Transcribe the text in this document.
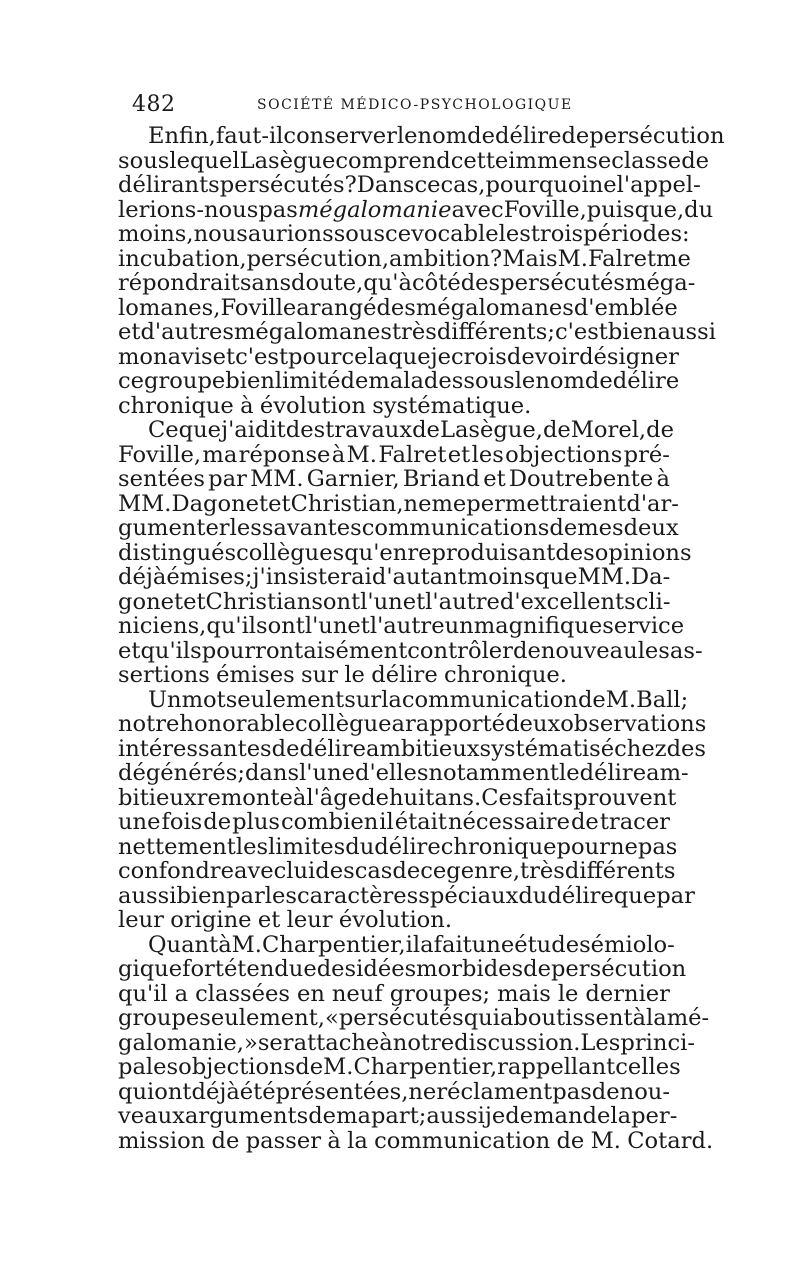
482	SOCIÉTÉ MÉDICO-PSYCHOLOGIQUE
Enfin, faut-il conserver le nom de délire de persécution
sous lequel Lasègue comprend cette immense classe de
délirants persécutés? Dans ce cas, pourquoi ne l'appel-
lerions-nous pas mégalomanie avec Foville, puisque, du
moins, nous aurions sous ce vocable les trois périodes:
incubation, persécution, ambition? Mais M. Falret me
répondrait sans doute, qu'à côté des persécutés méga-
lomanes, Foville a rangé des mégalomanes d'emblée
et d'autres mégalomanes très différents; c'est bien aussi
mon avis et c'est pour cela que je crois devoir désigner
ce groupe bien limité de malades sous le nom de délire
chronique à évolution systématique.
Ce que j'ai dit des travaux de Lasègue, de Morel, de
Foville, ma réponse à M. Falret et les objections pré-
sentées par MM. Garnier, Briand et Doutrebente à
MM. Dagonet et Christian, ne me permettraient d'ar-
gumenter les savantes communications de mes deux
distingués collègues qu'en reproduisant des opinions
déjà émises; j'insisterai d'autant moins que MM. Da-
gonet et Christian sont l'un et l'autre d'excellents cli-
niciens, qu'ils ont l'un et l'autre un magnifique service
et qu'ils pourront aisément contrôler de nouveau les as-
sertions émises sur le délire chronique.
Un mot seulement sur la communication de M. Ball;
notre honorable collègue a rapporté deux observations
intéressantes de délire ambitieux systématisé chez des
dégénérés; dans l'une d'elles notamment le délire am-
bitieux remonte à l'âge de huit ans. Ces faits prouvent
une fois de plus combien il était nécessaire de tracer
nettement les limites du délire chronique pour ne pas
confondre avec lui des cas de ce genre, très différents
aussi bien par les caractères spéciaux du délire que par
leur origine et leur évolution.
Quant à M. Charpentier, il a fait une étude sémiolo-
gique fort étendue des idées morbides de persécution
qu'il a classées en neuf groupes; mais le dernier
groupe seulement, « persécutés qui aboutissent à la mé-
galomanie, » se rattache à notre discussion. Les princi-
pales objections de M. Charpentier, rappellant celles
qui ont déjà été présentées, ne réclament pas de nou-
veaux arguments de ma part; aussi je demande la per-
mission de passer à la communication de M. Cotard.
